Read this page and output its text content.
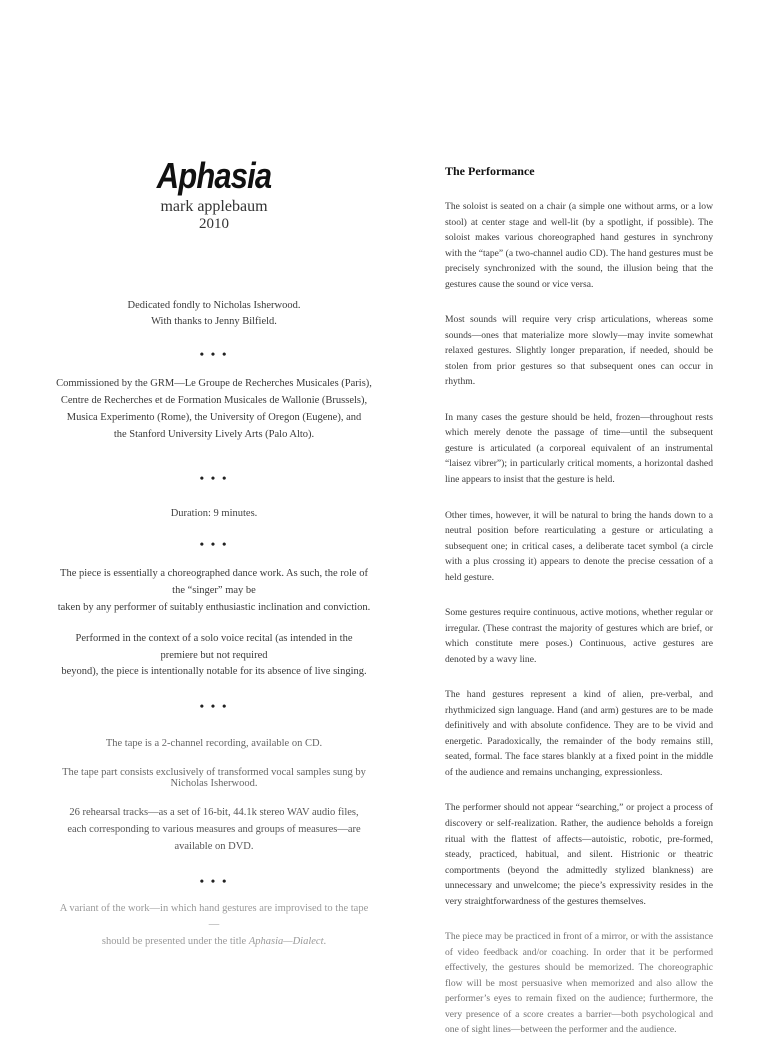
Aphasia
mark applebaum
2010
Dedicated fondly to Nicholas Isherwood.
With thanks to Jenny Bilfield.
• • •
Commissioned by the GRM—Le Groupe de Recherches Musicales (Paris),
Centre de Recherches et de Formation Musicales de Wallonie (Brussels),
Musica Experimento (Rome), the University of Oregon (Eugene), and
the Stanford University Lively Arts (Palo Alto).
• • •
Duration: 9 minutes.
• • •
The piece is essentially a choreographed dance work. As such, the role of the “singer” may be
taken by any performer of suitably enthusiastic inclination and conviction.
Performed in the context of a solo voice recital (as intended in the premiere but not required
beyond), the piece is intentionally notable for its absence of live singing.
• • •
The tape is a 2-channel recording, available on CD.
The tape part consists exclusively of transformed vocal samples sung by Nicholas Isherwood.
26 rehearsal tracks—as a set of 16-bit, 44.1k stereo WAV audio files,
each corresponding to various measures and groups of measures—are available on DVD.
• • •
A variant of the work—in which hand gestures are improvised to the tape—
should be presented under the title Aphasia—Dialect.
The Performance

The soloist is seated on a chair (a simple one without arms, or a low stool) at center stage and well-lit (by a spotlight, if possible). The soloist makes various choreographed hand gestures in synchrony with the “tape” (a two-channel audio CD). The hand gestures must be precisely synchronized with the sound, the illusion being that the gestures cause the sound or vice versa.

Most sounds will require very crisp articulations, whereas some sounds—ones that materialize more slowly—may invite somewhat relaxed gestures. Slightly longer preparation, if needed, should be stolen from prior gestures so that subsequent ones can occur in rhythm.

In many cases the gesture should be held, frozen—throughout rests which merely denote the passage of time—until the subsequent gesture is articulated (a corporeal equivalent of an instrumental “laisez vibrer”); in particularly critical moments, a horizontal dashed line appears to insist that the gesture is held.

Other times, however, it will be natural to bring the hands down to a neutral position before rearticulating a gesture or articulating a subsequent one; in critical cases, a deliberate tacet symbol (a circle with a plus crossing it) appears to denote the precise cessation of a held gesture.

Some gestures require continuous, active motions, whether regular or irregular. (These contrast the majority of gestures which are brief, or which constitute mere poses.) Continuous, active gestures are denoted by a wavy line.

The hand gestures represent a kind of alien, pre-verbal, and rhythmicized sign language. Hand (and arm) gestures are to be made definitively and with absolute confidence. They are to be vivid and energetic. Paradoxically, the remainder of the body remains still, seated, formal. The face stares blankly at a fixed point in the middle of the audience and remains unchanging, expressionless.

The performer should not appear “searching,” or project a process of discovery or self-realization. Rather, the audience beholds a foreign ritual with the flattest of affects—autoistic, robotic, pre-formed, steady, practiced, habitual, and silent. Histrionic or theatric comportments (beyond the admittedly stylized blankness) are unnecessary and unwelcome; the piece’s expressivity resides in the very straightforwardness of the gestures themselves.

The piece may be practiced in front of a mirror, or with the assistance of video feedback and/or coaching. In order that it be performed effectively, the gestures should be memorized. The choreographic flow will be most persuasive when memorized and also allow the performer’s eyes to remain fixed on the audience; furthermore, the very presence of a score creates a barrier—both psychological and one of sight lines—between the performer and the audience.
